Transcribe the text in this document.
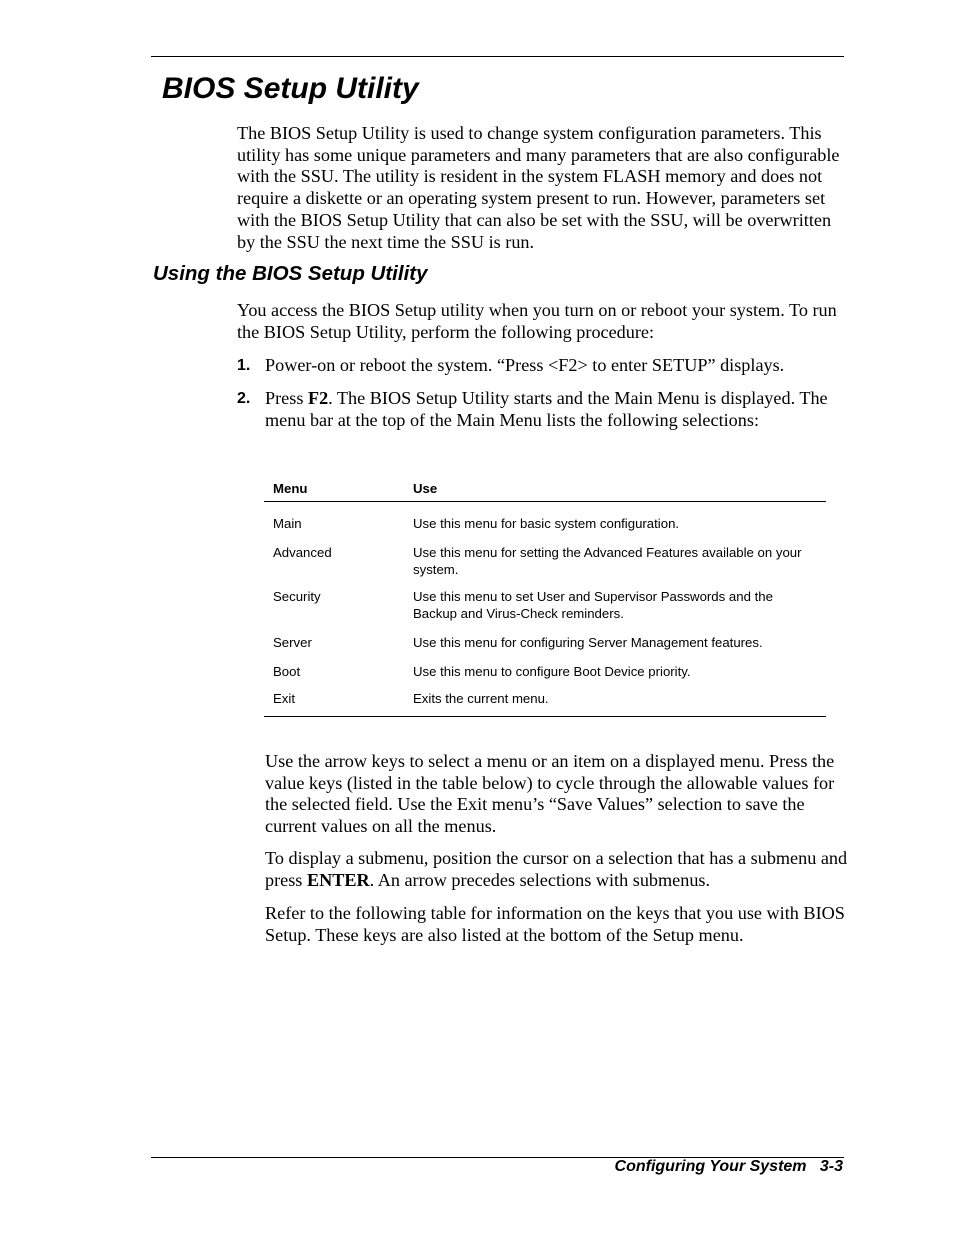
BIOS Setup Utility

The BIOS Setup Utility is used to change system configuration parameters. This utility has some unique parameters and many parameters that are also configurable with the SSU. The utility is resident in the system FLASH memory and does not require a diskette or an operating system present to run. However, parameters set with the BIOS Setup Utility that can also be set with the SSU, will be overwritten by the SSU the next time the SSU is run.

Using the BIOS Setup Utility

You access the BIOS Setup utility when you turn on or reboot your system. To run the BIOS Setup Utility, perform the following procedure:

1. Power-on or reboot the system. “Press <F2> to enter SETUP” displays.
2. Press F2. The BIOS Setup Utility starts and the Main Menu is displayed. The menu bar at the top of the Main Menu lists the following selections:
Menu	Use
Main	Use this menu for basic system configuration.
Advanced	Use this menu for setting the Advanced Features available on your system.
Security	Use this menu to set User and Supervisor Passwords and the Backup and Virus-Check reminders.
Server	Use this menu for configuring Server Management features.
Boot	Use this menu to configure Boot Device priority.
Exit	Exits the current menu.

Use the arrow keys to select a menu or an item on a displayed menu. Press the value keys (listed in the table below) to cycle through the allowable values for the selected field. Use the Exit menu’s “Save Values” selection to save the current values on all the menus.

To display a submenu, position the cursor on a selection that has a submenu and press ENTER. An arrow precedes selections with submenus.

Refer to the following table for information on the keys that you use with BIOS Setup. These keys are also listed at the bottom of the Setup menu.

Configuring Your System 3-3
